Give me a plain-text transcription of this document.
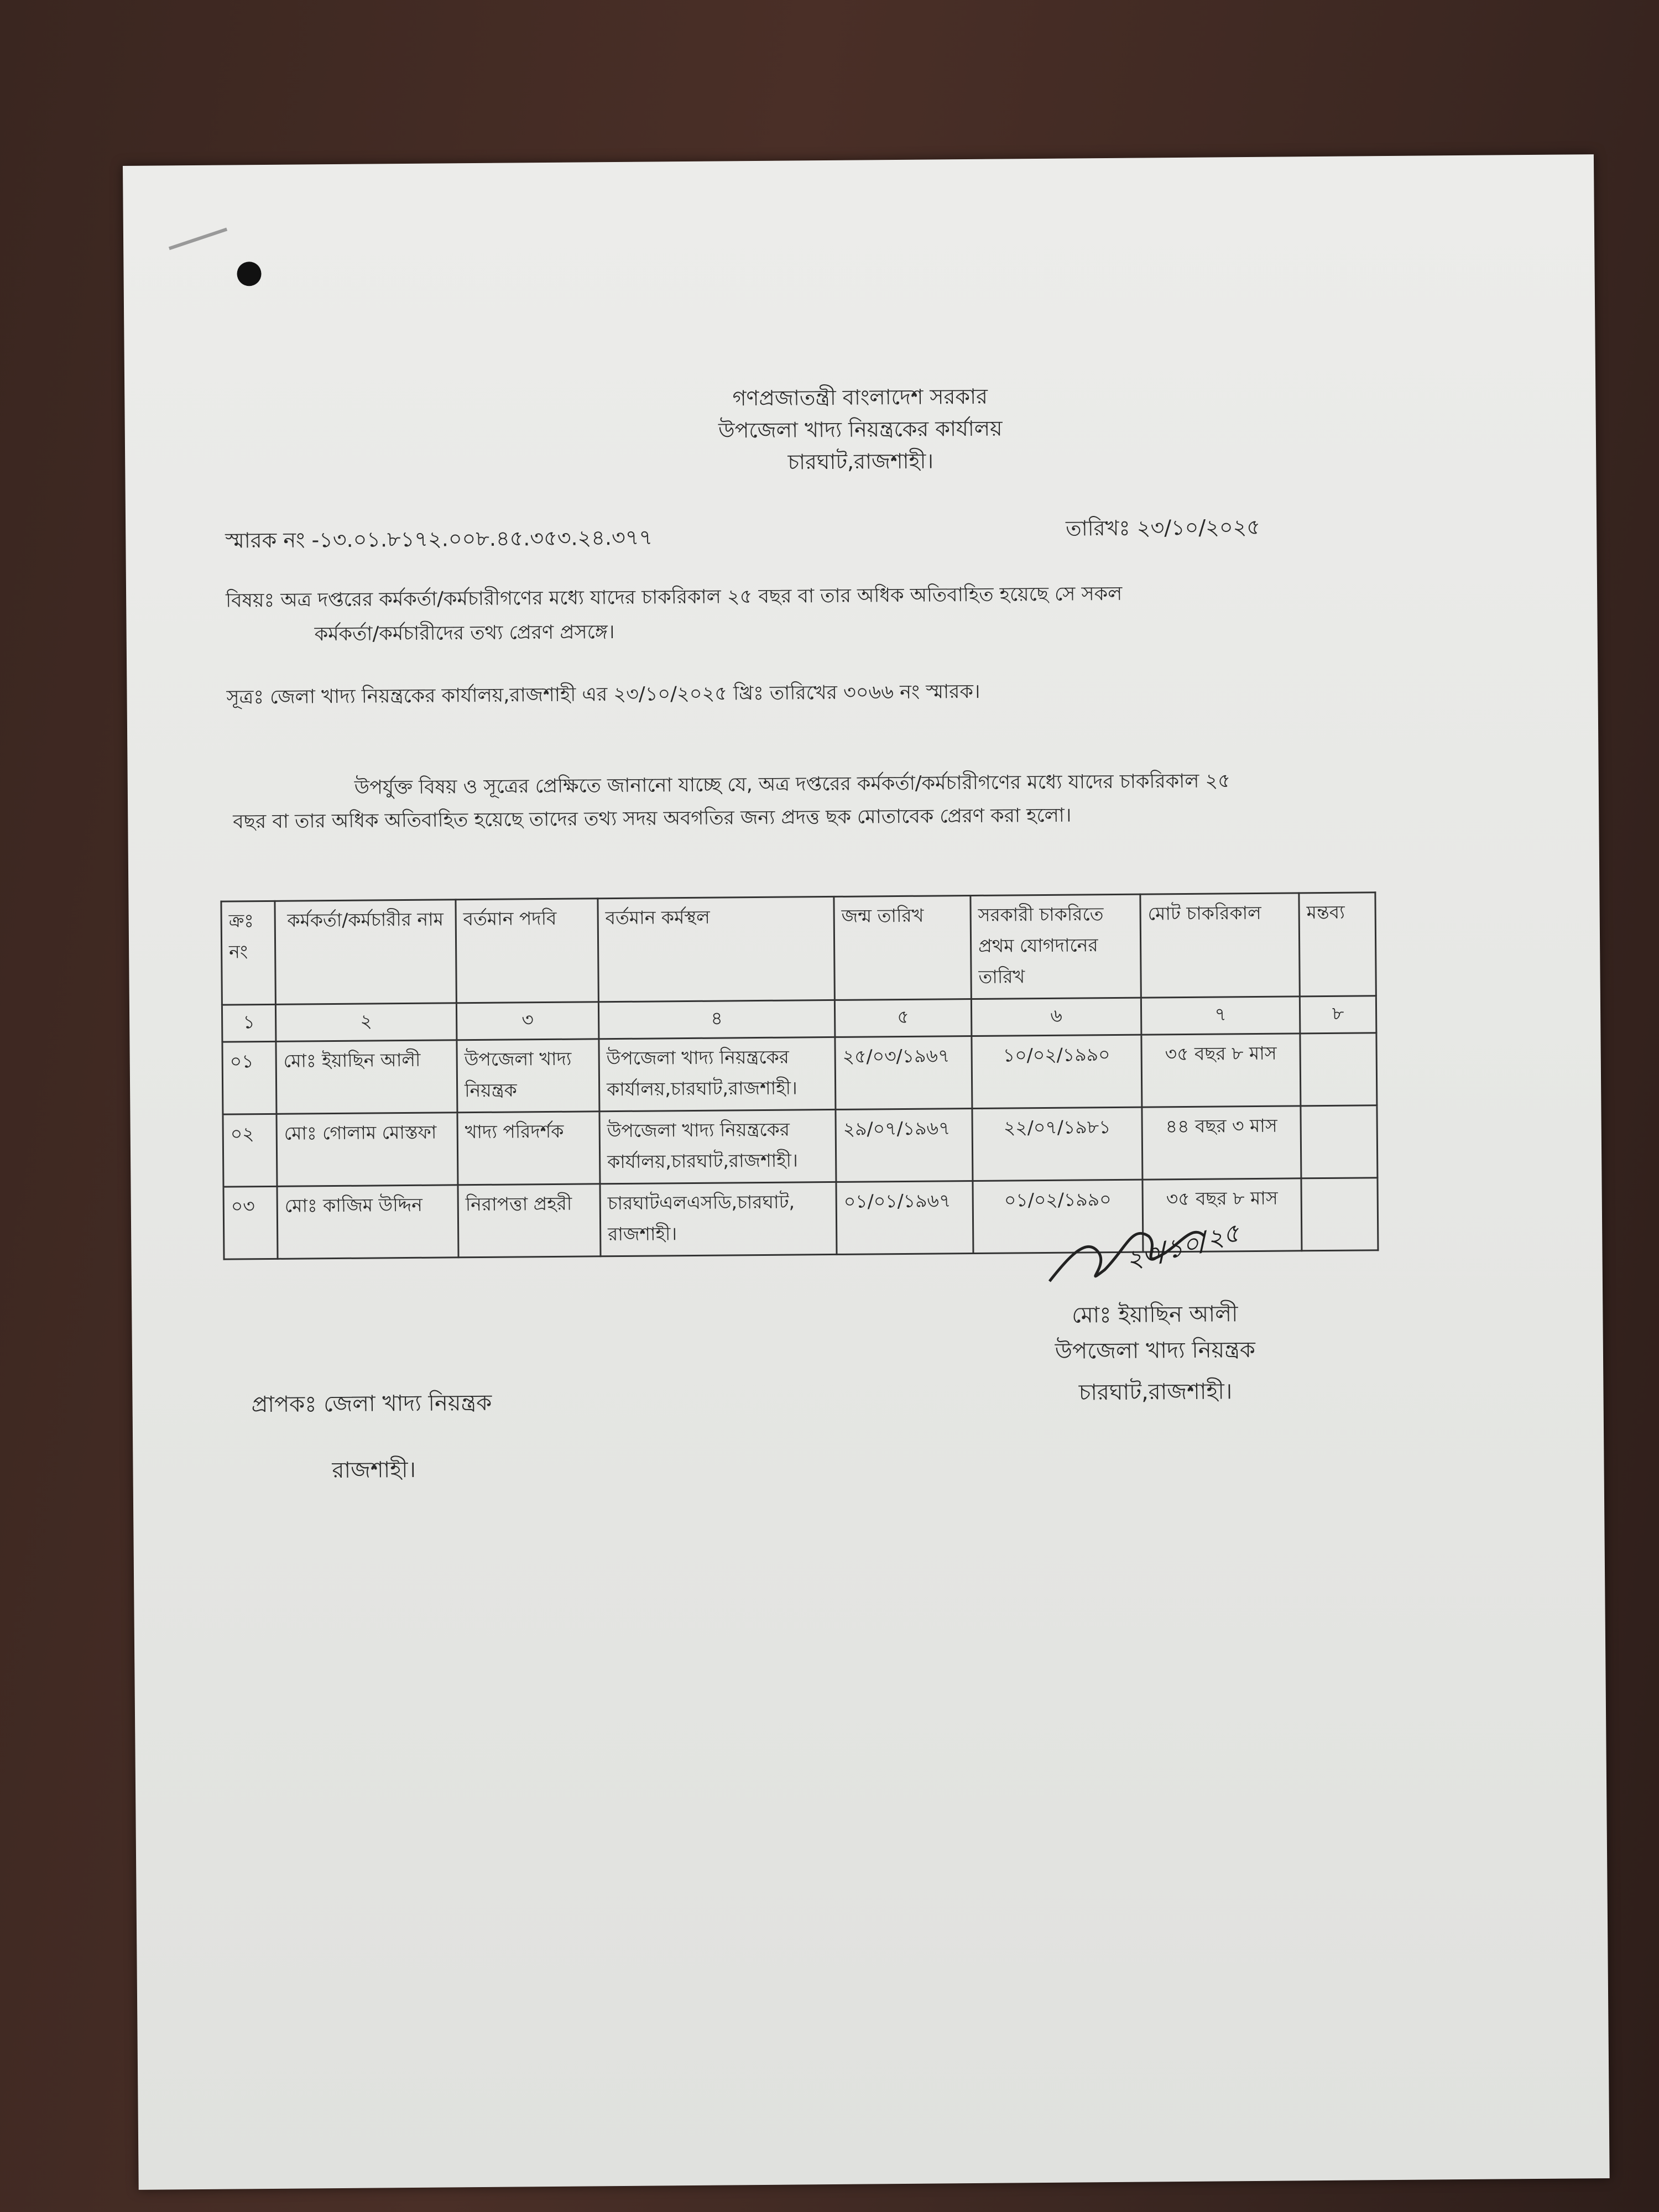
গণপ্রজাতন্ত্রী বাংলাদেশ সরকার
উপজেলা খাদ্য নিয়ন্ত্রকের কার্যালয়
চারঘাট,রাজশাহী।
স্মারক নং -১৩.০১.৮১৭২.০০৮.৪৫.৩৫৩.২৪.৩৭৭	তারিখঃ ২৩/১০/২০২৫
বিষয়ঃ অত্র দপ্তরের কর্মকর্তা/কর্মচারীগণের মধ্যে যাদের চাকরিকাল ২৫ বছর বা তার অধিক অতিবাহিত হয়েছে সে সকল
কর্মকর্তা/কর্মচারীদের তথ্য প্রেরণ প্রসঙ্গে।
সূত্রঃ জেলা খাদ্য নিয়ন্ত্রকের কার্যালয়,রাজশাহী এর ২৩/১০/২০২৫ খ্রিঃ তারিখের ৩০৬৬ নং স্মারক।
উপর্যুক্ত বিষয় ও সূত্রের প্রেক্ষিতে জানানো যাচ্ছে যে, অত্র দপ্তরের কর্মকর্তা/কর্মচারীগণের মধ্যে যাদের চাকরিকাল ২৫
বছর বা তার অধিক অতিবাহিত হয়েছে তাদের তথ্য সদয় অবগতির জন্য প্রদত্ত ছক মোতাবেক প্রেরণ করা হলো।
ক্রঃ নং	কর্মকর্তা/কর্মচারীর নাম	বর্তমান পদবি	বর্তমান কর্মস্থল	জন্ম তারিখ	সরকারী চাকরিতে প্রথম যোগদানের তারিখ	মোট চাকরিকাল	মন্তব্য
১	২	৩	৪	৫	৬	৭	৮
০১	মোঃ ইয়াছিন আলী	উপজেলা খাদ্য নিয়ন্ত্রক	উপজেলা খাদ্য নিয়ন্ত্রকের কার্যালয়,চারঘাট,রাজশাহী।	২৫/০৩/১৯৬৭	১০/০২/১৯৯০	৩৫ বছর ৮ মাস	
০২	মোঃ গোলাম মোস্তফা	খাদ্য পরিদর্শক	উপজেলা খাদ্য নিয়ন্ত্রকের কার্যালয়,চারঘাট,রাজশাহী।	২৯/০৭/১৯৬৭	২২/০৭/১৯৮১	৪৪ বছর ৩ মাস	
০৩	মোঃ কাজিম উদ্দিন	নিরাপত্তা প্রহরী	চারঘাটএলএসডি,চারঘাট, রাজশাহী।	০১/০১/১৯৬৭	০১/০২/১৯৯০	৩৫ বছর ৮ মাস	
২৩/১০/২৫
মোঃ ইয়াছিন আলী
উপজেলা খাদ্য নিয়ন্ত্রক
চারঘাট,রাজশাহী।
প্রাপকঃ জেলা খাদ্য নিয়ন্ত্রক
রাজশাহী।
